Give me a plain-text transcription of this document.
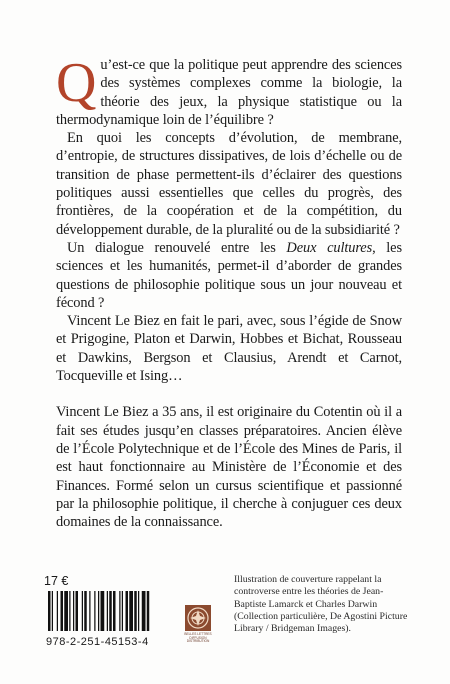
Qu’est-ce que la politique peut apprendre des sciences des systèmes complexes comme la biologie, la théorie des jeux, la physique statistique ou la thermodynamique loin de l’équilibre ?

En quoi les concepts d’évolution, de membrane, d’entropie, de structures dissipatives, de lois d’échelle ou de transition de phase permettent-ils d’éclairer des questions politiques aussi essentielles que celles du progrès, des frontières, de la coopération et de la compétition, du développement durable, de la pluralité ou de la subsidiarité ?

Un dialogue renouvelé entre les Deux cultures, les sciences et les humanités, permet-il d’aborder de grandes questions de philosophie politique sous un jour nouveau et fécond ?

Vincent Le Biez en fait le pari, avec, sous l’égide de Snow et Prigogine, Platon et Darwin, Hobbes et Bichat, Rousseau et Dawkins, Bergson et Clausius, Arendt et Carnot, Tocqueville et Ising…

Vincent Le Biez a 35 ans, il est originaire du Cotentin où il a fait ses études jusqu’en classes préparatoires. Ancien élève de l’École Polytechnique et de l’École des Mines de Paris, il est haut fonctionnaire au Ministère de l’Économie et des Finances. Formé selon un cursus scientifique et passionné par la philosophie politique, il cherche à conjuguer ces deux domaines de la connaissance.

17 €
978-2-251-45153-4
BELLES LETTRES DIFFUSION DISTRIBUTION
Illustration de couverture rappelant la controverse entre les théories de Jean-Baptiste Lamarck et Charles Darwin (Collection particulière, De Agostini Picture Library / Bridgeman Images).
